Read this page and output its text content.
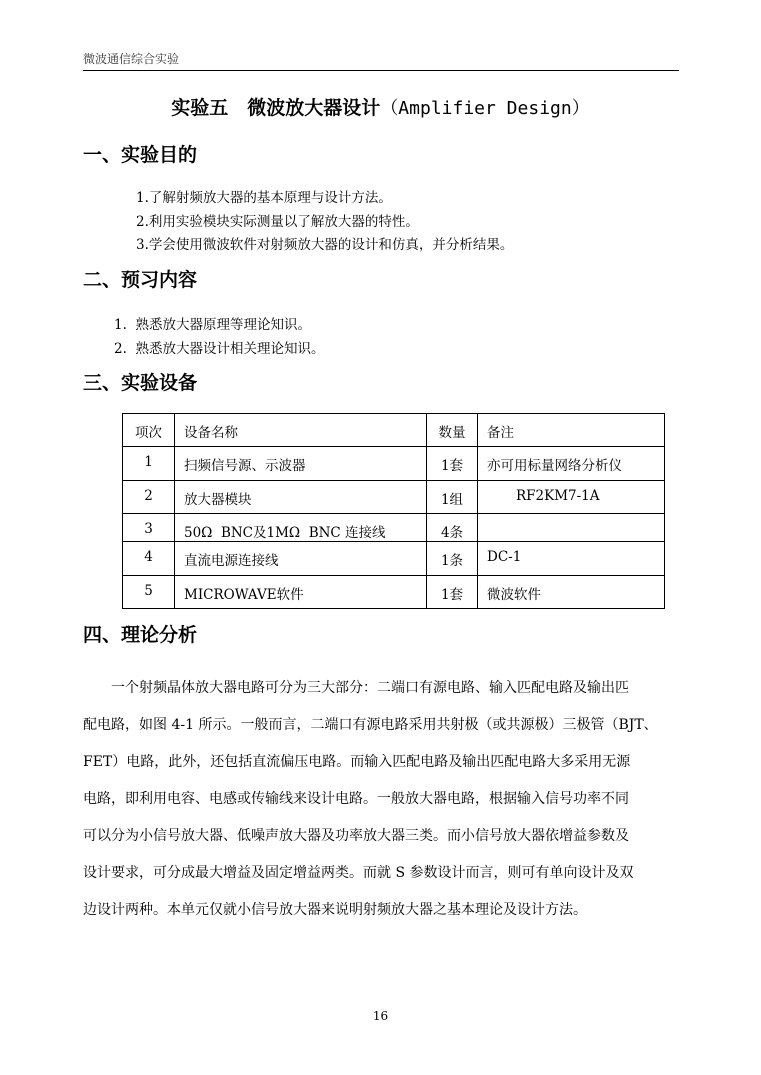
微波通信综合实验
实验五　微波放大器设计（Amplifier Design）
一、实验目的
1.了解射频放大器的基本原理与设计方法。
2.利用实验模块实际测量以了解放大器的特性。
3.学会使用微波软件对射频放大器的设计和仿真，并分析结果。
二、预习内容
1.  熟悉放大器原理等理论知识。
2.  熟悉放大器设计相关理论知识。
三、实验设备
项次	设备名称	数量	备注
1	扫频信号源、示波器	1套	亦可用标量网络分析仪
2	放大器模块	1组	RF2KM7-1A
3	50Ω  BNC及1MΩ  BNC 连接线	4条	
4	直流电源连接线	1条	DC-1
5	MICROWAVE软件	1套	微波软件
四、理论分析
一个射频晶体放大器电路可分为三大部分：二端口有源电路、输入匹配电路及输出匹
配电路，如图 4-1 所示。一般而言，二端口有源电路采用共射极（或共源极）三极管（BJT、
FET）电路，此外，还包括直流偏压电路。而输入匹配电路及输出匹配电路大多采用无源
电路，即利用电容、电感或传输线来设计电路。一般放大器电路，根据输入信号功率不同
可以分为小信号放大器、低噪声放大器及功率放大器三类。而小信号放大器依增益参数及
设计要求，可分成最大增益及固定增益两类。而就 S 参数设计而言，则可有单向设计及双
边设计两种。本单元仅就小信号放大器来说明射频放大器之基本理论及设计方法。
16
